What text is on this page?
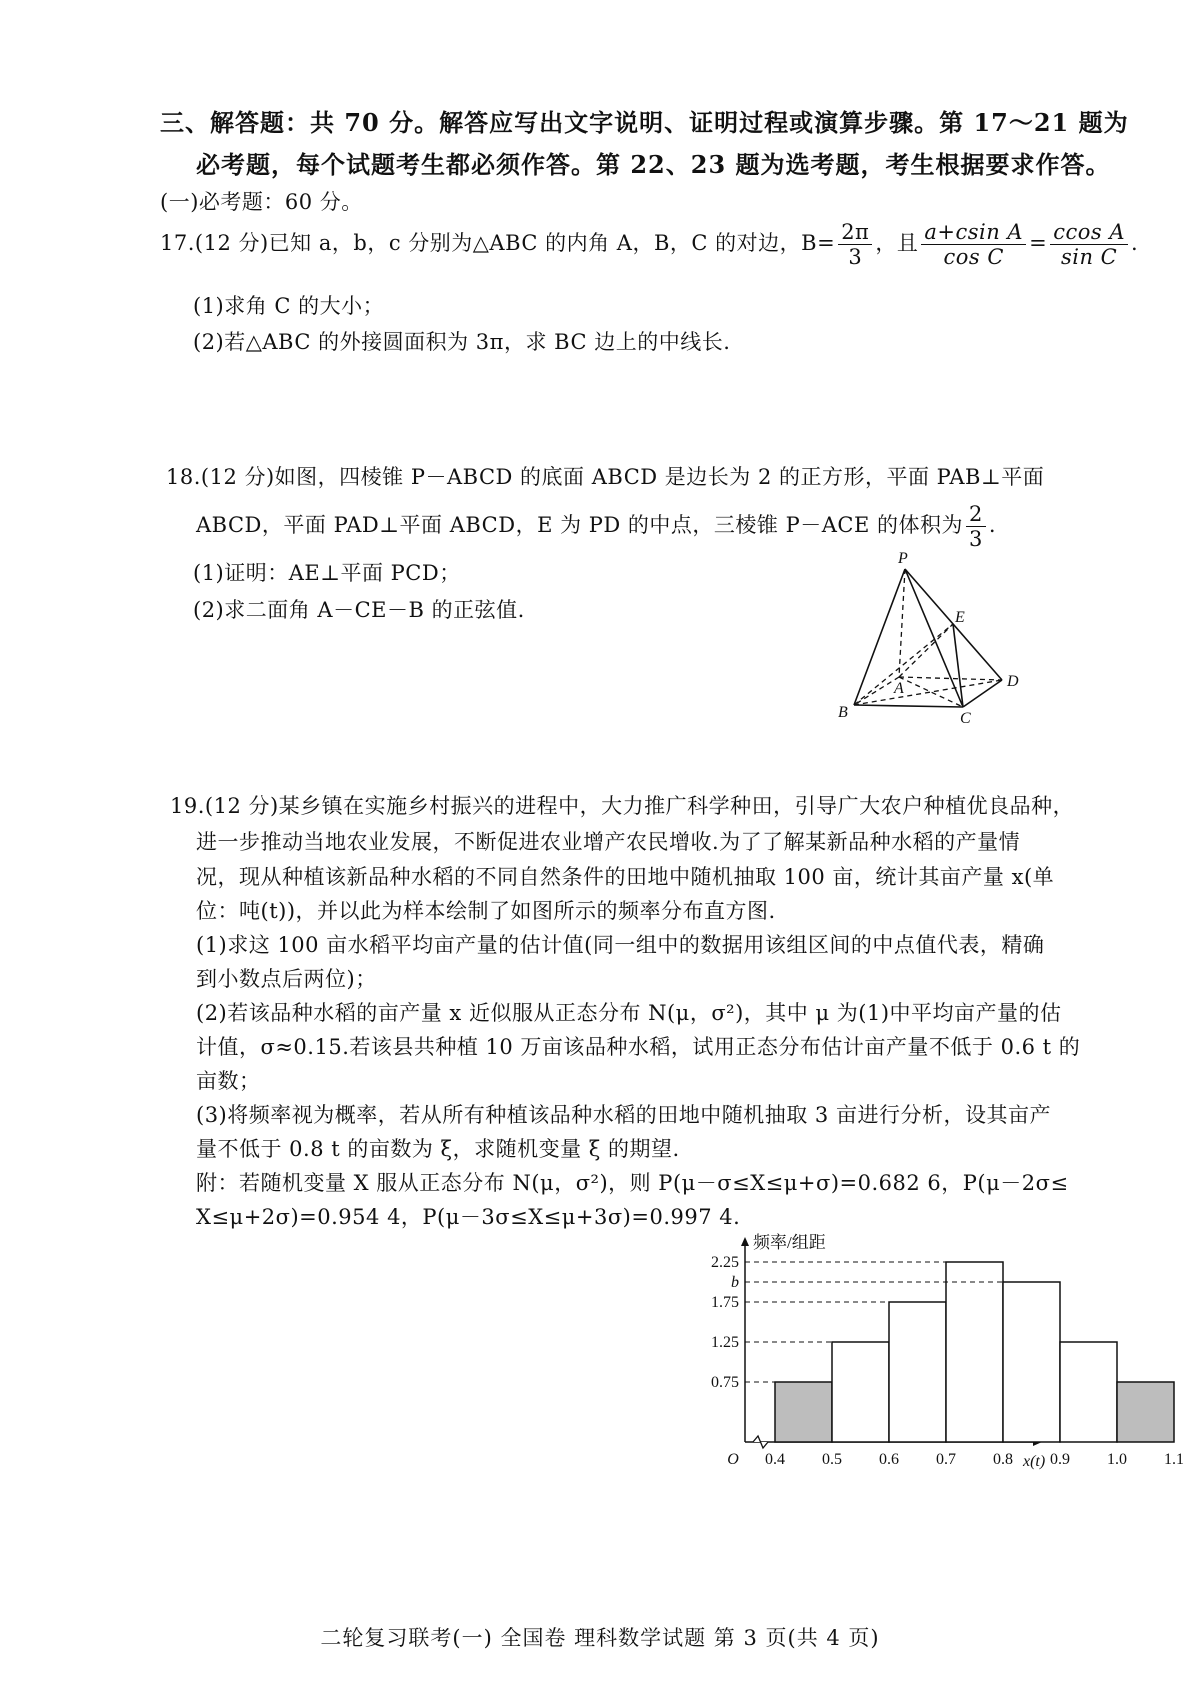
三、解答题：共 70 分。解答应写出文字说明、证明过程或演算步骤。第 17～21 题为
必考题，每个试题考生都必须作答。第 22、23 题为选考题，考生根据要求作答。
(一)必考题：60 分。
17.(12 分)已知 a，b，c 分别为△ABC 的内角 A，B，C 的对边，$B= \frac{2\pi}{3}$ ，且 $\frac{\text{a+csin A}}{\text{cos C}} = \frac{\text{ccos A}}{\text{sin C}}$ .
(1)求角 C 的大小；
(2)若△ABC 的外接圆面积为 3π，求 BC 边上的中线长.
18.(12 分)如图，四棱锥 P－ABCD 的底面 ABCD 是边长为 2 的正方形，平面 PAB⊥平面
ABCD，平面 PAD⊥平面 ABCD，E 为 PD 的中点，三棱锥 P－ACE 的体积为 $\frac{2}{3}$ .
(1)证明：AE⊥平面 PCD；
(2)求二面角 A－CE－B 的正弦值.
P
E
A	D
B	C
19.(12 分)某乡镇在实施乡村振兴的进程中，大力推广科学种田，引导广大农户种植优良品种，
进一步推动当地农业发展，不断促进农业增产农民增收.为了了解某新品种水稻的产量情
况，现从种植该新品种水稻的不同自然条件的田地中随机抽取 100 亩，统计其亩产量 x(单
位：吨(t))，并以此为样本绘制了如图所示的频率分布直方图.
(1)求这 100 亩水稻平均亩产量的估计值(同一组中的数据用该组区间的中点值代表，精确
到小数点后两位)；
(2)若该品种水稻的亩产量 x 近似服从正态分布 N(μ，σ²)，其中 μ 为(1)中平均亩产量的估
计值，σ≈0.15.若该县共种植 10 万亩该品种水稻，试用正态分布估计亩产量不低于 0.6 t 的
亩数；
(3)将频率视为概率，若从所有种植该品种水稻的田地中随机抽取 3 亩进行分析，设其亩产
量不低于 0.8 t 的亩数为 ξ，求随机变量 ξ 的期望.
附：若随机变量 X 服从正态分布 N(μ，σ²)，则 P(μ－σ≤X≤μ+σ)=0.682 6，P(μ－2σ≤
X≤μ+2σ)=0.954 4，P(μ－3σ≤X≤μ+3σ)=0.997 4.
0.75
1.25
1.75
b
2.25
0.4 0.5 0.6 0.7 0.8 0.9 1.0 1.1
O	x(t)
频率/组距
二轮复习联考(一) 全国卷 理科数学试题 第 3 页(共 4 页)
